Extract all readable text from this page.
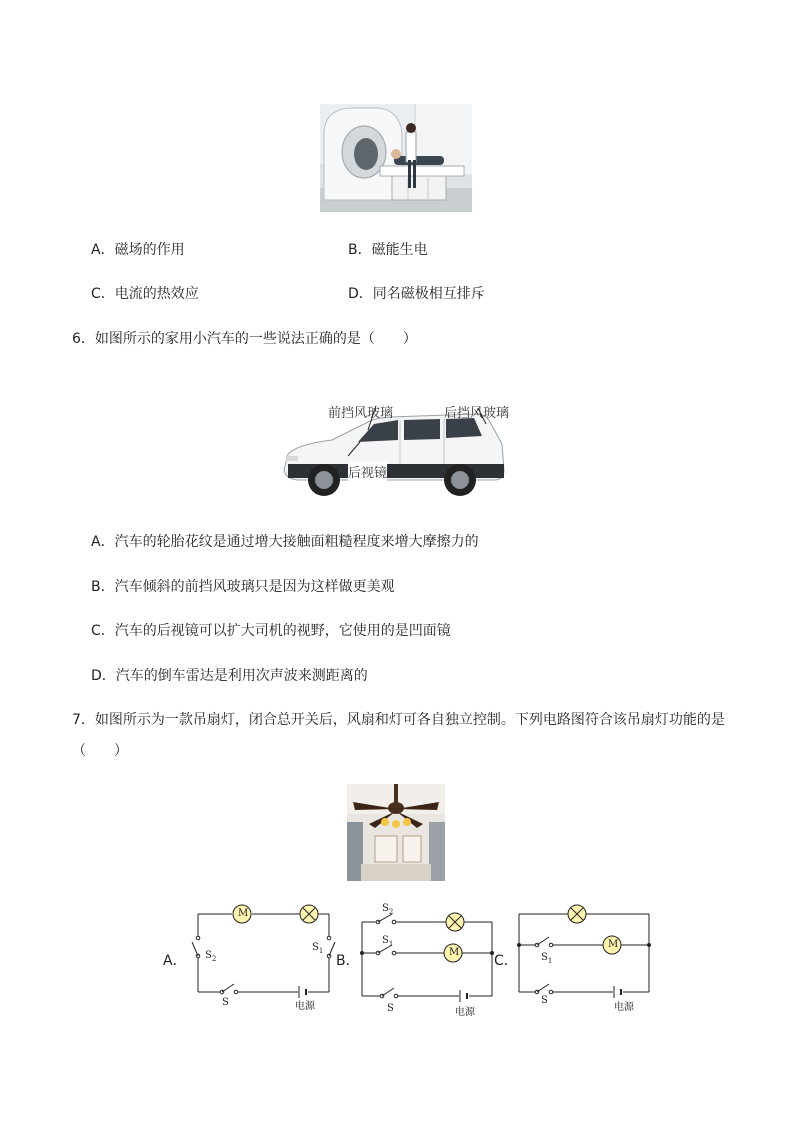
A．磁场的作用	B．磁能生电
C．电流的热效应	D．同名磁极相互排斥
6．如图所示的家用小汽车的一些说法正确的是（　　）
前挡风玻璃	后挡风玻璃
后视镜
A．汽车的轮胎花纹是通过增大接触面粗糙程度来增大摩擦力的
B．汽车倾斜的前挡风玻璃只是因为这样做更美观
C．汽车的后视镜可以扩大司机的视野，它使用的是凹面镜
D．汽车的倒车雷达是利用次声波来测距离的
7．如图所示为一款吊扇灯，闭合总开关后，风扇和灯可各自独立控制。下列电路图符合该吊扇灯功能的是
（　　）
A．
M
$S_2$
$S_1$
S	电源
B．
$S_2$
$S_1$
M
S	电源
C．
M
$S_1$
S
电源
